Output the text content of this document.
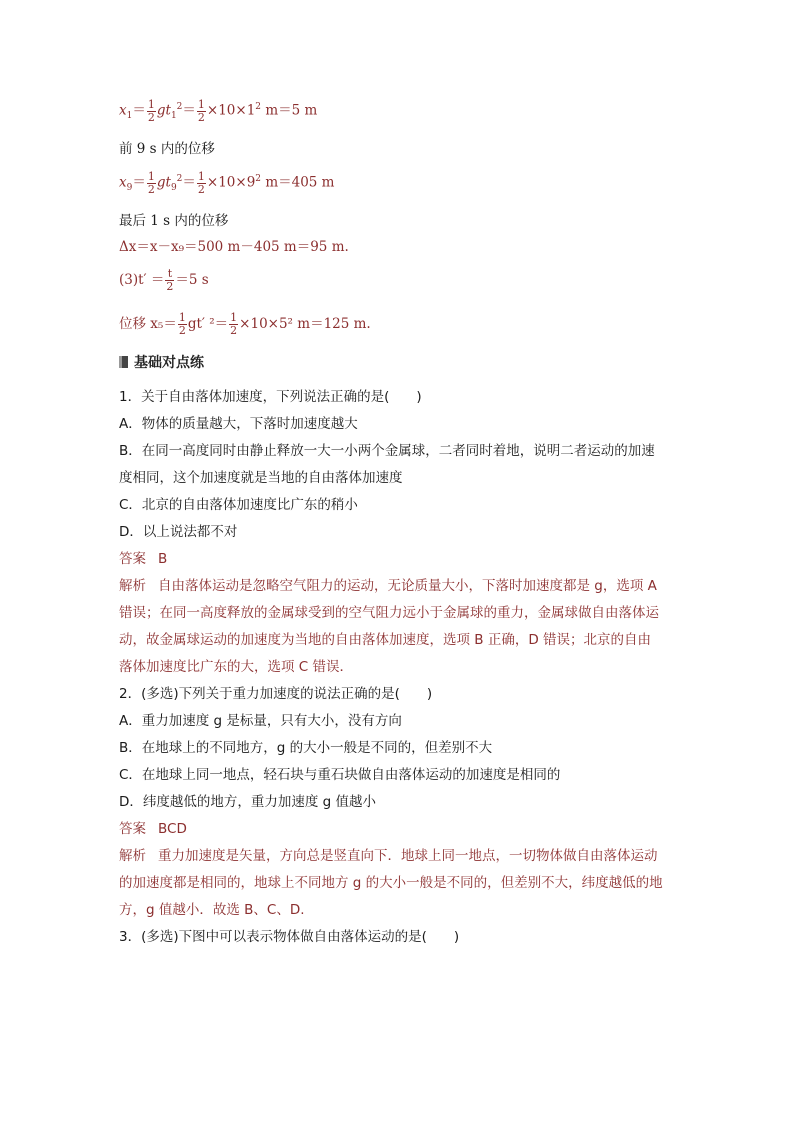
$x_1= \frac{1}{2} gt_1^2= \frac{1}{2} \times 10\times 1^2$ m＝5 m
前 9 s 内的位移
$x_9= \frac{1}{2} gt_9^2= \frac{1}{2} \times 10\times 9^2$ m＝405 m
最后 1 s 内的位移
Δx＝x－x₉＝500 m－405 m＝95 m.
$(3)t' = \frac{t}{2} =5$ s
位移 $x_5= \frac{1}{2} gt'$ $^2= \frac{1}{2} \times 10\times 5^2$ m＝125 m.
基础对点练
1．关于自由落体加速度，下列说法正确的是(　　)
A．物体的质量越大，下落时加速度越大
B．在同一高度同时由静止释放一大一小两个金属球，二者同时着地，说明二者运动的加速
度相同，这个加速度就是当地的自由落体加速度
C．北京的自由落体加速度比广东的稍小
D．以上说法都不对
答案 B
解析 自由落体运动是忽略空气阻力的运动，无论质量大小，下落时加速度都是 g，选项 A
错误；在同一高度释放的金属球受到的空气阻力远小于金属球的重力，金属球做自由落体运
动，故金属球运动的加速度为当地的自由落体加速度，选项 B 正确，D 错误；北京的自由
落体加速度比广东的大，选项 C 错误．
2．(多选)下列关于重力加速度的说法正确的是(　　)
A．重力加速度 g 是标量，只有大小，没有方向
B．在地球上的不同地方，g 的大小一般是不同的，但差别不大
C．在地球上同一地点，轻石块与重石块做自由落体运动的加速度是相同的
D．纬度越低的地方，重力加速度 g 值越小
答案 BCD
解析 重力加速度是矢量，方向总是竖直向下．地球上同一地点，一切物体做自由落体运动
的加速度都是相同的，地球上不同地方 g 的大小一般是不同的，但差别不大，纬度越低的地
方，g 值越小．故选 B、C、D.
3．(多选)下图中可以表示物体做自由落体运动的是(　　)
